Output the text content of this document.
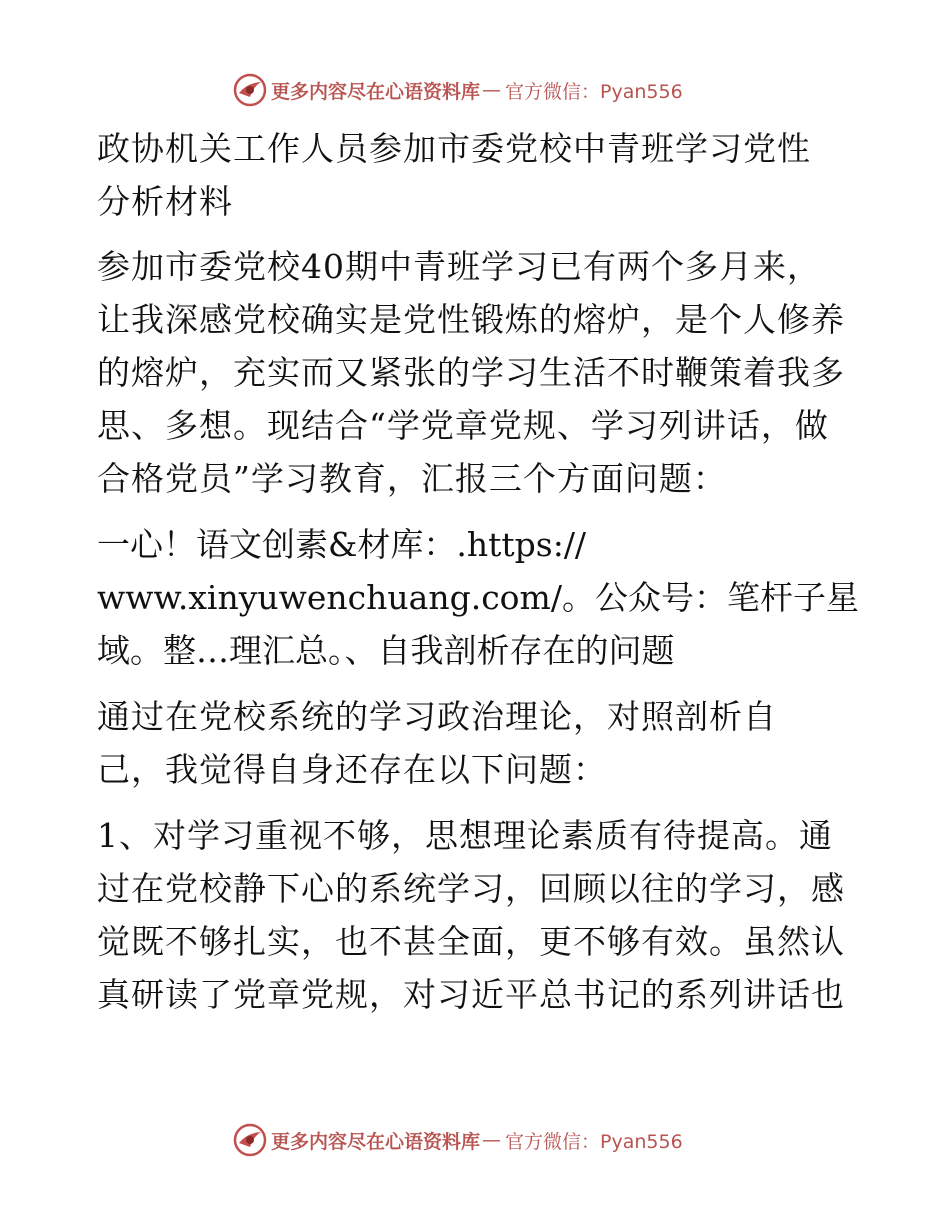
更多内容尽在心语资料库 — 官方微信：Pyan556
政协机关工作人员参加市委党校中青班学习党性
分析材料
参加市委党校40期中青班学习已有两个多月来，
让我深感党校确实是党性锻炼的熔炉，是个人修养
的熔炉，充实而又紧张的学习生活不时鞭策着我多
思、多想。现结合“学党章党规、学习列讲话，做
合格党员”学习教育，汇报三个方面问题：
一心！语文创素&材库：.https://
www.xinyuwenchuang.com/。公众号：笔杆子星
域。整…理汇总。、自我剖析存在的问题
通过在党校系统的学习政治理论，对照剖析自
己，我觉得自身还存在以下问题：
1、对学习重视不够，思想理论素质有待提高。通
过在党校静下心的系统学习，回顾以往的学习，感
觉既不够扎实，也不甚全面，更不够有效。虽然认
真研读了党章党规，对习近平总书记的系列讲话也
更多内容尽在心语资料库 — 官方微信：Pyan556
